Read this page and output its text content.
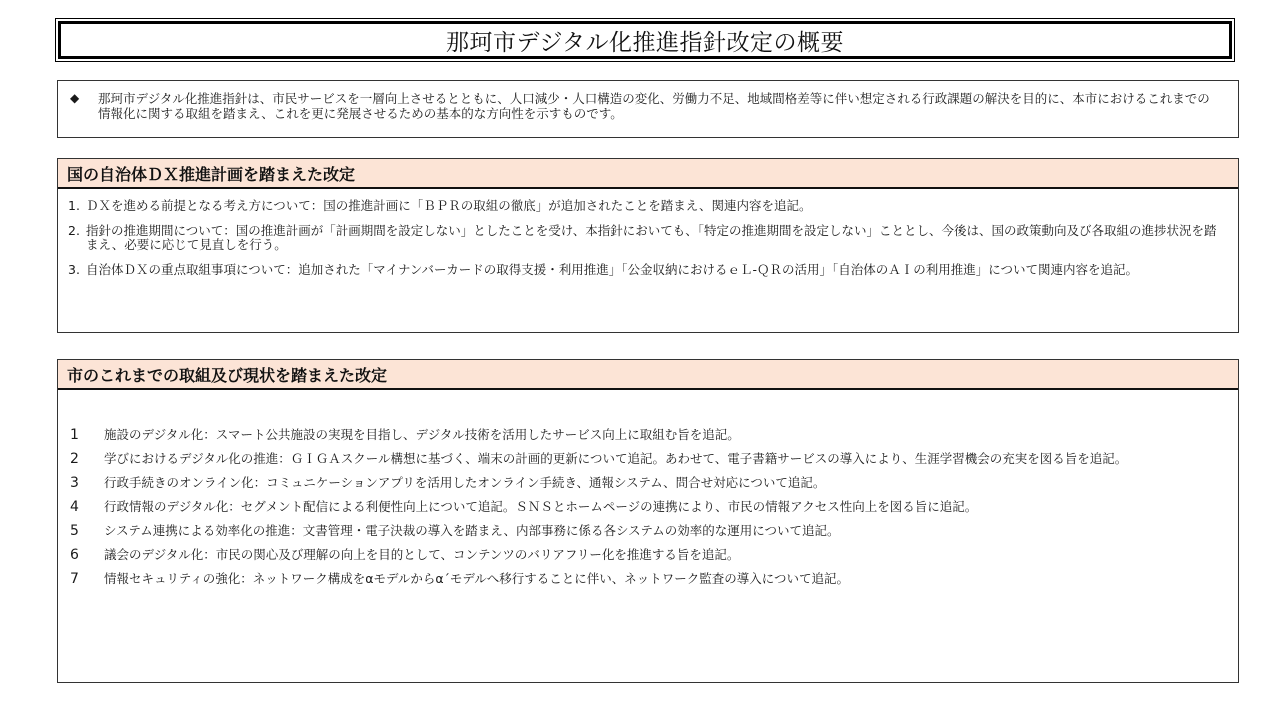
那珂市デジタル化推進指針改定の概要
◆	那珂市デジタル化推進指針は、市民サービスを一層向上させるとともに、人口減少・人口構造の変化、労働力不足、地域間格差等に伴い想定される行政課題の解決を目的に、本市におけるこれまでの情報化に関する取組を踏まえ、これを更に発展させるための基本的な方向性を示すものです。
国の自治体ＤＸ推進計画を踏まえた改定
1. ＤＸを進める前提となる考え方について：国の推進計画に「ＢＰＲの取組の徹底」が追加されたことを踏まえ、関連内容を追記。
2. 指針の推進期間について：国の推進計画が「計画期間を設定しない」としたことを受け、本指針においても、「特定の推進期間を設定しない」こととし、今後は、国の政策動向及び各取組の進捗状況を踏まえ、必要に応じて見直しを行う。
3. 自治体ＤＸの重点取組事項について：追加された「マイナンバーカードの取得支援・利用推進」「公金収納におけるｅＬ-ＱＲの活用」「自治体のＡＩの利用推進」について関連内容を追記。
市のこれまでの取組及び現状を踏まえた改定
1	施設のデジタル化：スマート公共施設の実現を目指し、デジタル技術を活用したサービス向上に取組む旨を追記。
2	学びにおけるデジタル化の推進：ＧＩＧＡスクール構想に基づく、端末の計画的更新について追記。あわせて、電子書籍サービスの導入により、生涯学習機会の充実を図る旨を追記。
3	行政手続きのオンライン化：コミュニケーションアプリを活用したオンライン手続き、通報システム、問合せ対応について追記。
4	行政情報のデジタル化：セグメント配信による利便性向上について追記。ＳＮＳとホームページの連携により、市民の情報アクセス性向上を図る旨に追記。
5	システム連携による効率化の推進：文書管理・電子決裁の導入を踏まえ、内部事務に係る各システムの効率的な運用について追記。
6	議会のデジタル化：市民の関心及び理解の向上を目的として、コンテンツのバリアフリー化を推進する旨を追記。
7	情報セキュリティの強化：ネットワーク構成をαモデルからα´モデルへ移行することに伴い、ネットワーク監査の導入について追記。
